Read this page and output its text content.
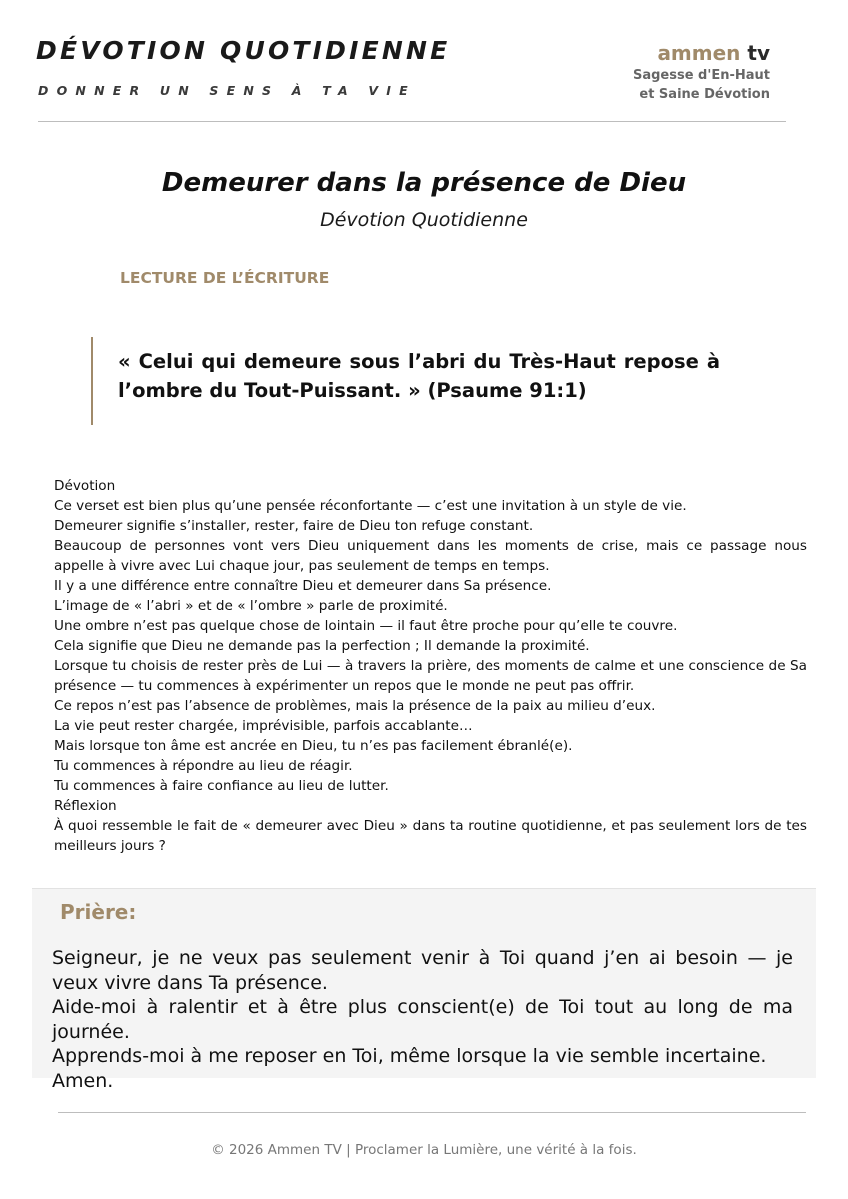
DÉVOTION QUOTIDIENNE
DONNER UN SENS À TA VIE
ammen tv
Sagesse d'En-Haut
et Saine Dévotion
Demeurer dans la présence de Dieu
Dévotion Quotidienne
LECTURE DE L’ÉCRITURE
« Celui qui demeure sous l’abri du Très-Haut repose à l’ombre du Tout-Puissant. » (Psaume 91:1)

Dévotion

Ce verset est bien plus qu’une pensée réconfortante — c’est une invitation à un style de vie.

Demeurer signifie s’installer, rester, faire de Dieu ton refuge constant.

Beaucoup de personnes vont vers Dieu uniquement dans les moments de crise, mais ce passage nous appelle à vivre avec Lui chaque jour, pas seulement de temps en temps.

Il y a une différence entre connaître Dieu et demeurer dans Sa présence.

L’image de « l’abri » et de « l’ombre » parle de proximité.

Une ombre n’est pas quelque chose de lointain — il faut être proche pour qu’elle te couvre.

Cela signifie que Dieu ne demande pas la perfection ; Il demande la proximité.

Lorsque tu choisis de rester près de Lui — à travers la prière, des moments de calme et une conscience de Sa présence — tu commences à expérimenter un repos que le monde ne peut pas offrir.

Ce repos n’est pas l’absence de problèmes, mais la présence de la paix au milieu d’eux.

La vie peut rester chargée, imprévisible, parfois accablante…

Mais lorsque ton âme est ancrée en Dieu, tu n’es pas facilement ébranlé(e).

Tu commences à répondre au lieu de réagir.

Tu commences à faire confiance au lieu de lutter.

Réflexion

À quoi ressemble le fait de « demeurer avec Dieu » dans ta routine quotidienne, et pas seulement lors de tes meilleurs jours ?

Prière:

Seigneur, je ne veux pas seulement venir à Toi quand j’en ai besoin — je veux vivre dans Ta présence.

Aide-moi à ralentir et à être plus conscient(e) de Toi tout au long de ma journée.

Apprends-moi à me reposer en Toi, même lorsque la vie semble incertaine.

Amen.

© 2026 Ammen TV | Proclamer la Lumière, une vérité à la fois.
